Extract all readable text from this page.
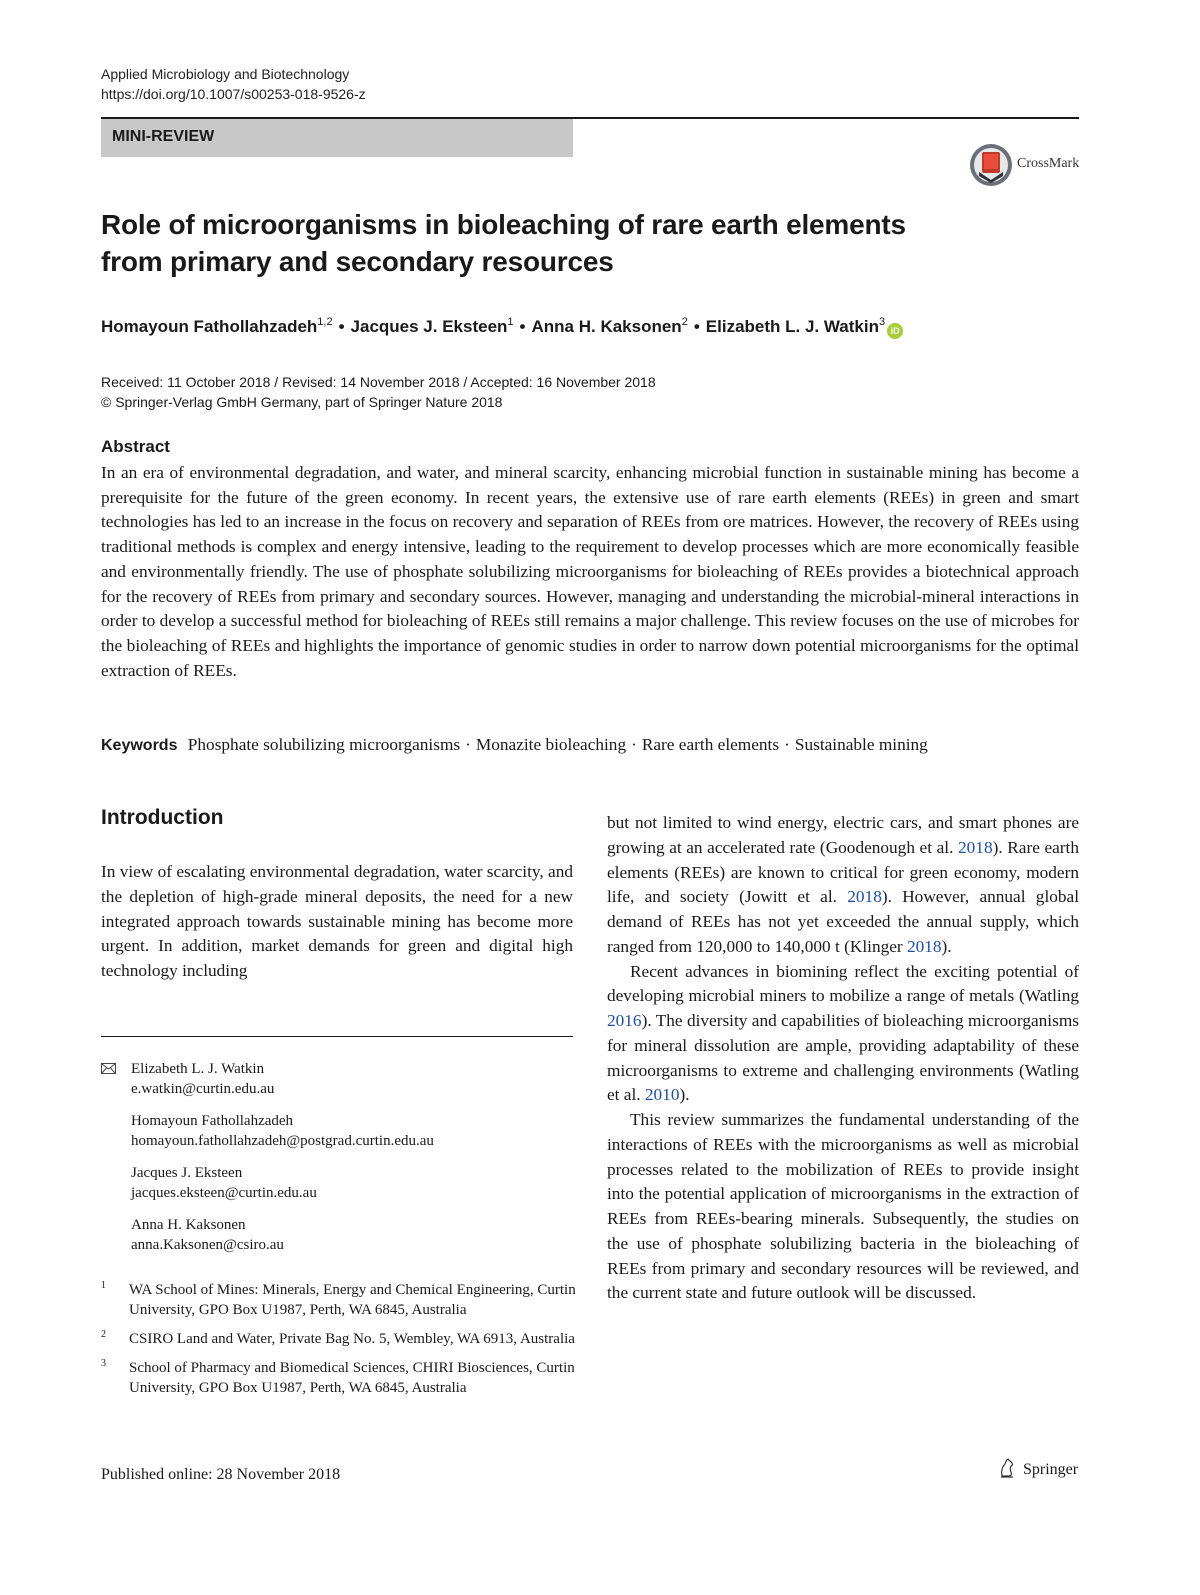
Applied Microbiology and Biotechnology
https://doi.org/10.1007/s00253-018-9526-z
MINI-REVIEW
CrossMark
Role of microorganisms in bioleaching of rare earth elements
from primary and secondary resources
Homayoun Fathollahzadeh$^{1,2}$ • Jacques J. Eksteen$^1$ • Anna H. Kaksonen$^2$ • Elizabeth L. J. Watkin$^3$iD
Received: 11 October 2018 / Revised: 14 November 2018 / Accepted: 16 November 2018
© Springer-Verlag GmbH Germany, part of Springer Nature 2018
Abstract
In an era of environmental degradation, and water, and mineral scarcity, enhancing microbial function in sustainable mining has become a prerequisite for the future of the green economy. In recent years, the extensive use of rare earth elements (REEs) in green and smart technologies has led to an increase in the focus on recovery and separation of REEs from ore matrices. However, the recovery of REEs using traditional methods is complex and energy intensive, leading to the requirement to develop processes which are more economically feasible and environmentally friendly. The use of phosphate solubilizing microorganisms for bioleaching of REEs provides a biotechnical approach for the recovery of REEs from primary and secondary sources. However, managing and understanding the microbial-mineral interactions in order to develop a successful method for bioleaching of REEs still remains a major challenge. This review focuses on the use of microbes for the bioleaching of REEs and highlights the importance of genomic studies in order to narrow down potential microorganisms for the optimal extraction of REEs.
Keywords Phosphate solubilizing microorganisms · Monazite bioleaching · Rare earth elements · Sustainable mining
Introduction
In view of escalating environmental degradation, water scarcity, and the depletion of high-grade mineral deposits, the need for a new integrated approach towards sustainable mining has become more urgent. In addition, market demands for green and digital high technology including

but not limited to wind energy, electric cars, and smart phones are growing at an accelerated rate (Goodenough et al. 2018). Rare earth elements (REEs) are known to critical for green economy, modern life, and society (Jowitt et al. 2018). However, annual global demand of REEs has not yet exceeded the annual supply, which ranged from 120,000 to 140,000 t (Klinger 2018).

Recent advances in biomining reflect the exciting potential of developing microbial miners to mobilize a range of metals (Watling 2016). The diversity and capabilities of bioleaching microorganisms for mineral dissolution are ample, providing adaptability of these microorganisms to extreme and challenging environments (Watling et al. 2010).

This review summarizes the fundamental understanding of the interactions of REEs with the microorganisms as well as microbial processes related to the mobilization of REEs to provide insight into the potential application of microorganisms in the extraction of REEs from REEs-bearing minerals. Subsequently, the studies on the use of phosphate solubilizing bacteria in the bioleaching of REEs from primary and secondary resources will be reviewed, and the current state and future outlook will be discussed.

Elizabeth L. J. Watkin
e.watkin@curtin.edu.au
Homayoun Fathollahzadeh
homayoun.fathollahzadeh@postgrad.curtin.edu.au
Jacques J. Eksteen
jacques.eksteen@curtin.edu.au
Anna H. Kaksonen
anna.Kaksonen@csiro.au
1 WA School of Mines: Minerals, Energy and Chemical Engineering, Curtin University, GPO Box U1987, Perth, WA 6845, Australia
2 CSIRO Land and Water, Private Bag No. 5, Wembley, WA 6913, Australia
3 School of Pharmacy and Biomedical Sciences, CHIRI Biosciences, Curtin University, GPO Box U1987, Perth, WA 6845, Australia
Published online: 28 November 2018	Springer
